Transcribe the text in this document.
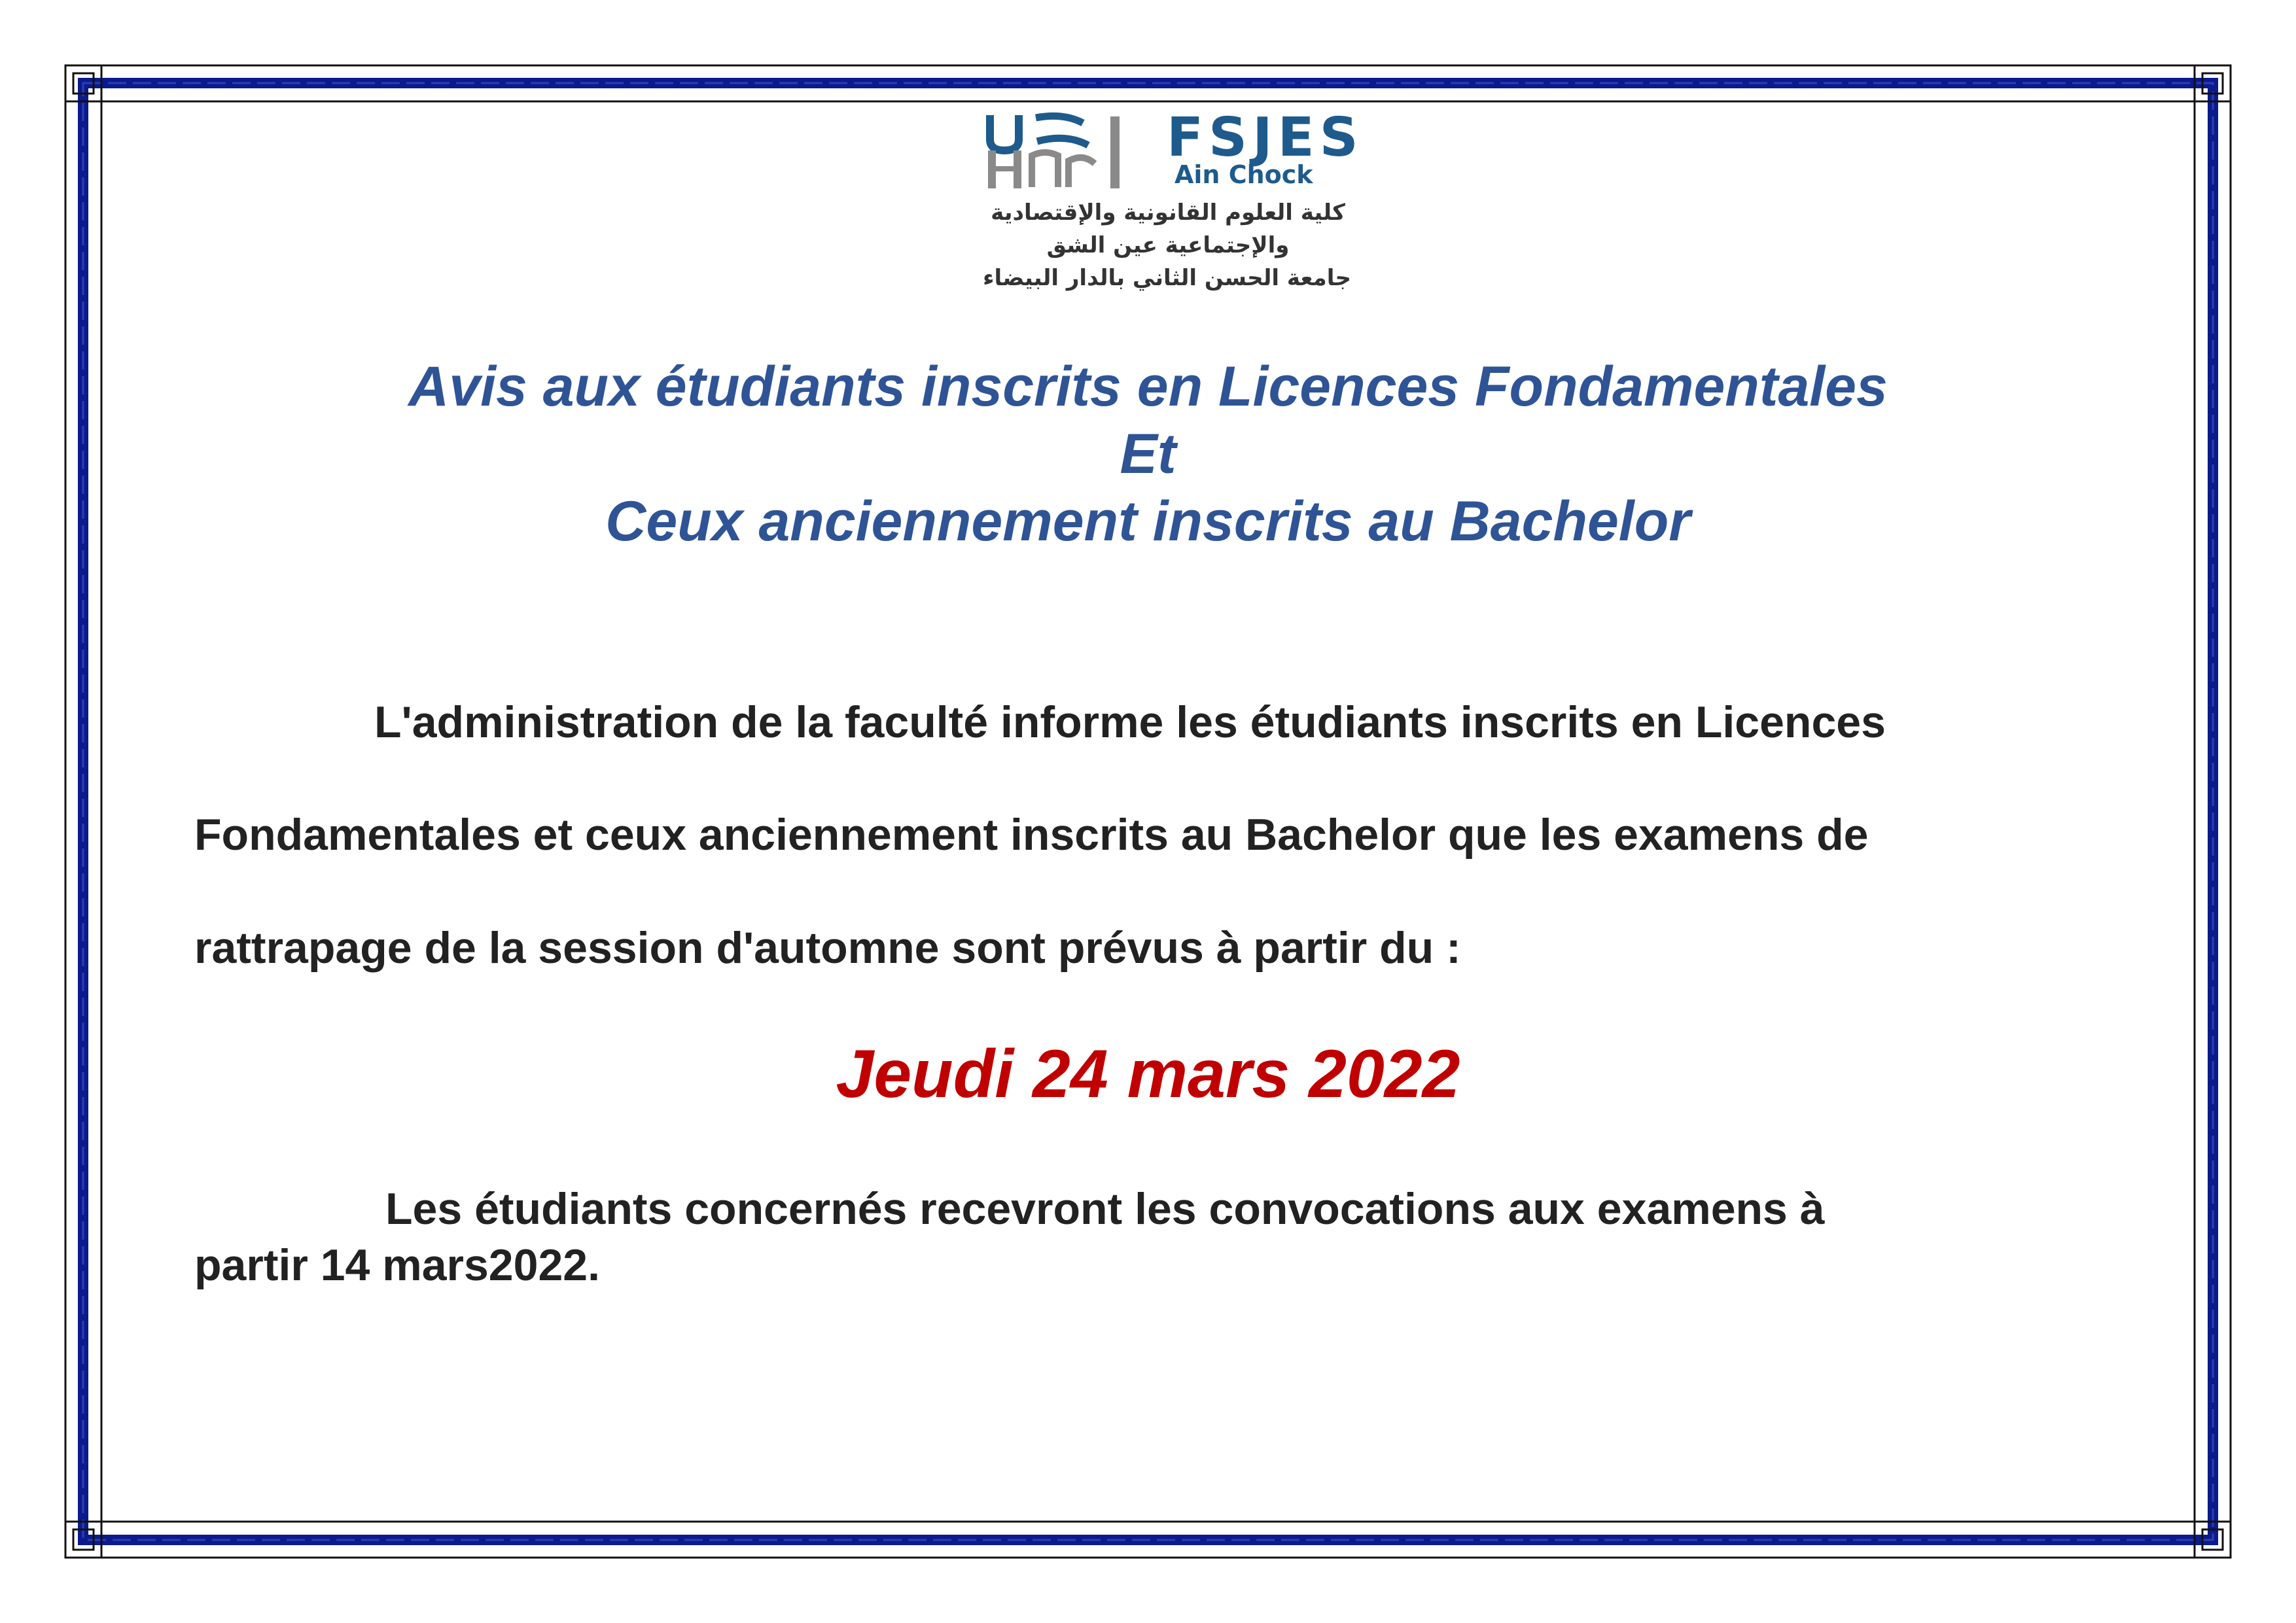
FSJES
Ain Chock
كلية العلوم القانونية والإقتصادية
والإجتماعية عين الشق
جامعة الحسن الثاني بالدار البيضاء
Avis aux étudiants inscrits en Licences Fondamentales
Et
Ceux anciennement inscrits au Bachelor
L'administration de la faculté informe les étudiants inscrits en Licences
Fondamentales et ceux anciennement inscrits au Bachelor que les examens de
rattrapage de la session d'automne sont prévus à partir du :
Jeudi 24 mars 2022
Les étudiants concernés recevront les convocations aux examens à
partir 14 mars2022.
